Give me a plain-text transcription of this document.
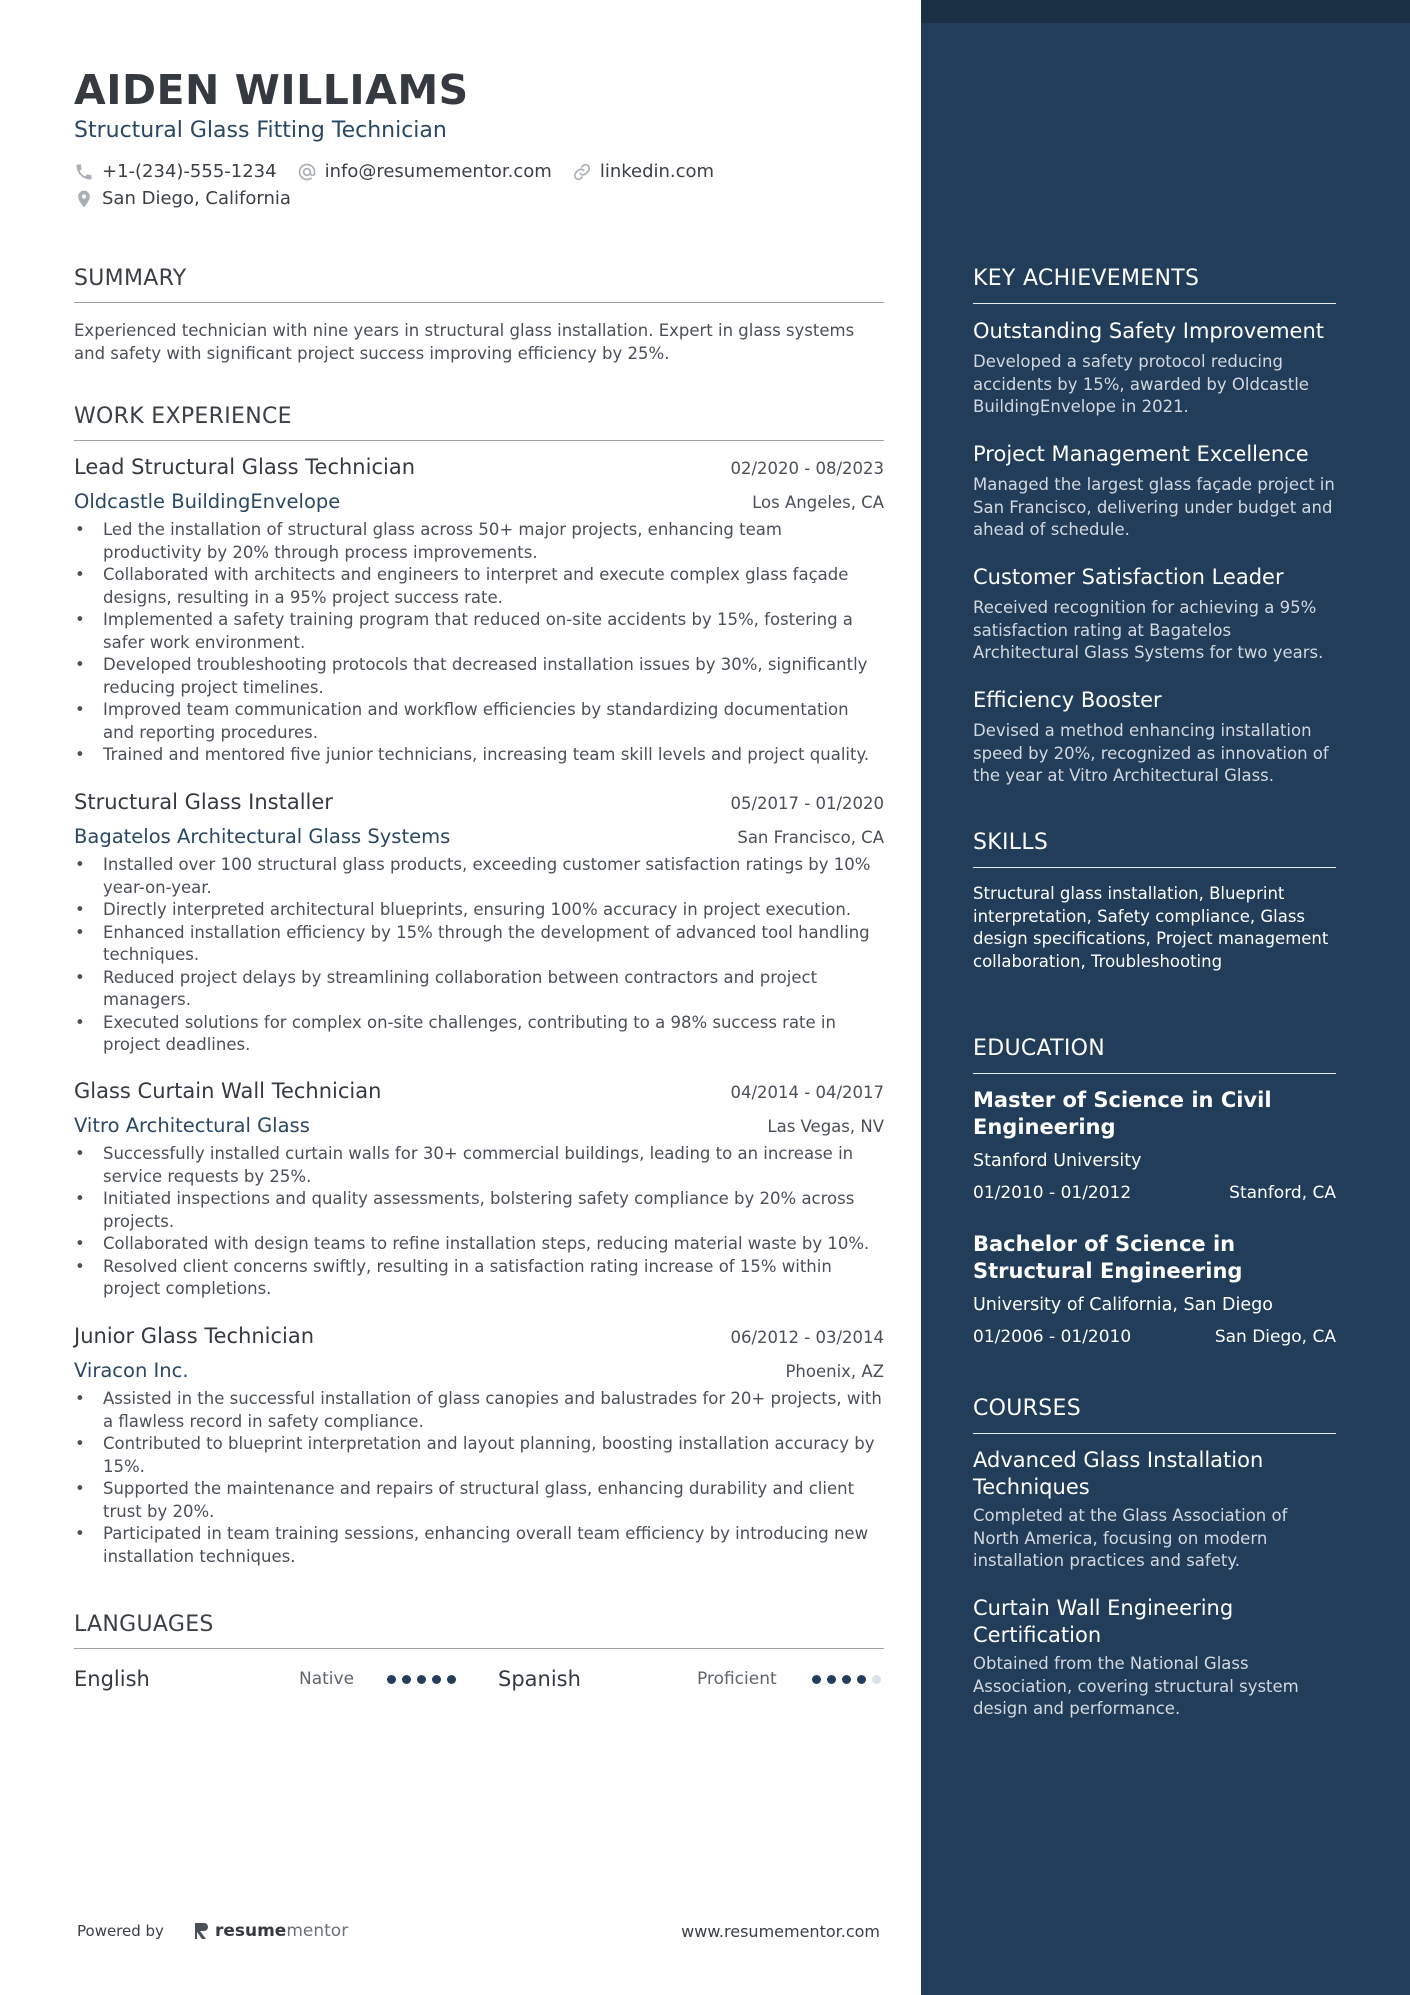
AIDEN WILLIAMS
Structural Glass Fitting Technician
+1-(234)-555-1234	info@resumementor.com	linkedin.com
San Diego, California
SUMMARY
Experienced technician with nine years in structural glass installation. Expert in glass systems and safety with significant project success improving efficiency by 25%.
WORK EXPERIENCE
Lead Structural Glass Technician	02/2020 - 08/2023
Oldcastle BuildingEnvelope	Los Angeles, CA
• Led the installation of structural glass across 50+ major projects, enhancing team productivity by 20% through process improvements.
• Collaborated with architects and engineers to interpret and execute complex glass façade designs, resulting in a 95% project success rate.
• Implemented a safety training program that reduced on-site accidents by 15%, fostering a safer work environment.
• Developed troubleshooting protocols that decreased installation issues by 30%, significantly reducing project timelines.
• Improved team communication and workflow efficiencies by standardizing documentation and reporting procedures.
• Trained and mentored five junior technicians, increasing team skill levels and project quality.
Structural Glass Installer	05/2017 - 01/2020
Bagatelos Architectural Glass Systems	San Francisco, CA
• Installed over 100 structural glass products, exceeding customer satisfaction ratings by 10% year-on-year.
• Directly interpreted architectural blueprints, ensuring 100% accuracy in project execution.
• Enhanced installation efficiency by 15% through the development of advanced tool handling techniques.
• Reduced project delays by streamlining collaboration between contractors and project managers.
• Executed solutions for complex on-site challenges, contributing to a 98% success rate in project deadlines.
Glass Curtain Wall Technician	04/2014 - 04/2017
Vitro Architectural Glass	Las Vegas, NV
• Successfully installed curtain walls for 30+ commercial buildings, leading to an increase in service requests by 25%.
• Initiated inspections and quality assessments, bolstering safety compliance by 20% across projects.
• Collaborated with design teams to refine installation steps, reducing material waste by 10%.
• Resolved client concerns swiftly, resulting in a satisfaction rating increase of 15% within project completions.
Junior Glass Technician	06/2012 - 03/2014
Viracon Inc.	Phoenix, AZ
• Assisted in the successful installation of glass canopies and balustrades for 20+ projects, with a flawless record in safety compliance.
• Contributed to blueprint interpretation and layout planning, boosting installation accuracy by 15%.
• Supported the maintenance and repairs of structural glass, enhancing durability and client trust by 20%.
• Participated in team training sessions, enhancing overall team efficiency by introducing new installation techniques.
LANGUAGES
English	Native	Spanish	Proficient
Powered by	resume mentor	www.resumementor.com
KEY ACHIEVEMENTS
Outstanding Safety Improvement
Developed a safety protocol reducing accidents by 15%, awarded by Oldcastle BuildingEnvelope in 2021.
Project Management Excellence
Managed the largest glass façade project in San Francisco, delivering under budget and ahead of schedule.
Customer Satisfaction Leader
Received recognition for achieving a 95% satisfaction rating at Bagatelos Architectural Glass Systems for two years.
Efficiency Booster
Devised a method enhancing installation speed by 20%, recognized as innovation of the year at Vitro Architectural Glass.
SKILLS
Structural glass installation, Blueprint interpretation, Safety compliance, Glass design specifications, Project management collaboration, Troubleshooting
EDUCATION
Master of Science in Civil Engineering
Stanford University
01/2010 - 01/2012	Stanford, CA
Bachelor of Science in Structural Engineering
University of California, San Diego
01/2006 - 01/2010	San Diego, CA
COURSES
Advanced Glass Installation Techniques
Completed at the Glass Association of North America, focusing on modern installation practices and safety.
Curtain Wall Engineering Certification
Obtained from the National Glass Association, covering structural system design and performance.
